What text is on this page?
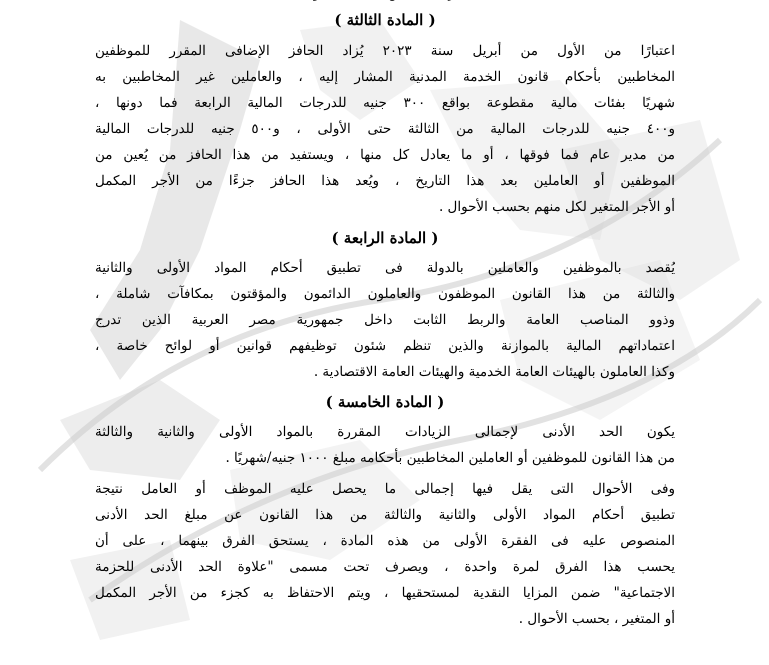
( المادة الثالثة )
اعتبارًا من الأول من أبريل سنة ٢٠٢٣ يُزاد الحافز الإضافى المقرر للموظفين
المخاطبين بأحكام قانون الخدمة المدنية المشار إليه ، والعاملين غير المخاطبين به
شهريًا بفئات مالية مقطوعة بواقع ٣٠٠ جنيه للدرجات المالية الرابعة فما دونها ،
و٤٠٠ جنيه للدرجات المالية من الثالثة حتى الأولى ، و٥٠٠ جنيه للدرجات المالية
من مدير عام فما فوقها ، أو ما يعادل كل منها ، ويستفيد من هذا الحافز من يُعين من
الموظفين أو العاملين بعد هذا التاريخ ، ويُعد هذا الحافز جزءًا من الأجر المكمل
أو الأجر المتغير لكل منهم بحسب الأحوال .
( المادة الرابعة )
يُقصد بالموظفين والعاملين بالدولة فى تطبيق أحكام المواد الأولى والثانية
والثالثة من هذا القانون الموظفون والعاملون الدائمون والمؤقتون بمكافآت شاملة ،
وذوو المناصب العامة والربط الثابت داخل جمهورية مصر العربية الذين تدرج
اعتماداتهم المالية بالموازنة والذين تنظم شئون توظيفهم قوانين أو لوائح خاصة ،
وكذا العاملون بالهيئات العامة الخدمية والهيئات العامة الاقتصادية .
( المادة الخامسة )
يكون الحد الأدنى لإجمالى الزيادات المقررة بالمواد الأولى والثانية والثالثة
من هذا القانون للموظفين أو العاملين المخاطبين بأحكامه مبلغ ١٠٠٠ جنيه/شهريًا .
وفى الأحوال التى يقل فيها إجمالى ما يحصل عليه الموظف أو العامل نتيجة
تطبيق أحكام المواد الأولى والثانية والثالثة من هذا القانون عن مبلغ الحد الأدنى
المنصوص عليه فى الفقرة الأولى من هذه المادة ، يستحق الفرق بينهما ، على أن
يحسب هذا الفرق لمرة واحدة ، ويصرف تحت مسمى "علاوة الحد الأدنى للحزمة
الاجتماعية" ضمن المزايا النقدية لمستحقيها ، ويتم الاحتفاظ به كجزء من الأجر المكمل
أو المتغير ، بحسب الأحوال .
